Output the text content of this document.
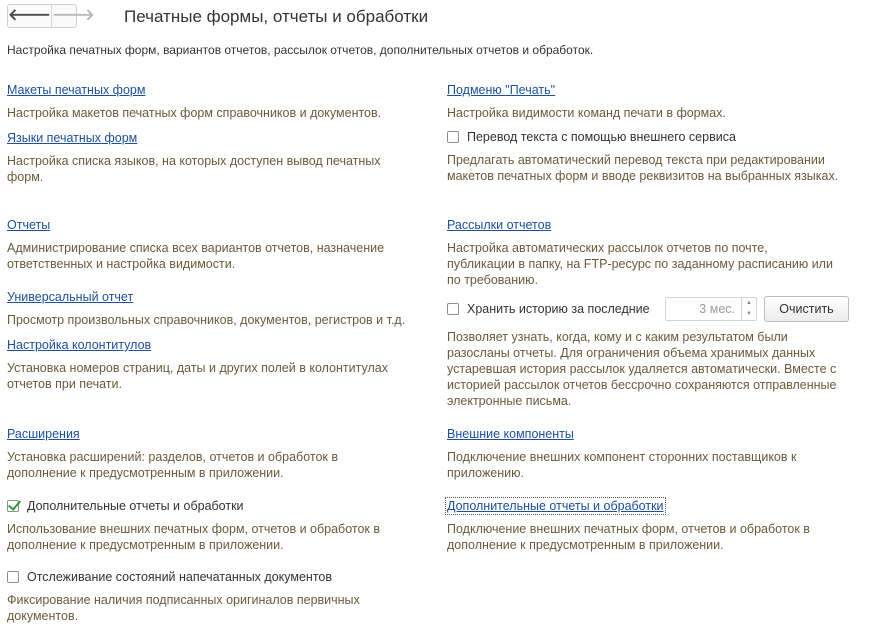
🡐 🡒 Печатные формы, отчеты и обработки
Настройка печатных форм, вариантов отчетов, рассылок отчетов, дополнительных отчетов и обработок.
Макеты печатных форм
Настройка макетов печатных форм справочников и документов.
Языки печатных форм
Настройка списка языков, на которых доступен вывод печатных форм.
Отчеты
Администрирование списка всех вариантов отчетов, назначение ответственных и настройка видимости.
Универсальный отчет
Просмотр произвольных справочников, документов, регистров и т.д.
Настройка колонтитулов
Установка номеров страниц, даты и других полей в колонтитулах отчетов при печати.
Расширения
Установка расширений: разделов, отчетов и обработок в дополнение к предусмотренным в приложении.
Дополнительные отчеты и обработки
Использование внешних печатных форм, отчетов и обработок в дополнение к предусмотренным в приложении.
Отслеживание состояний напечатанных документов
Фиксирование наличия подписанных оригиналов первичных документов.
Подменю "Печать"
Настройка видимости команд печати в формах.
Перевод текста с помощью внешнего сервиса
Предлагать автоматический перевод текста при редактировании макетов печатных форм и вводе реквизитов на выбранных языках.
Рассылки отчетов
Настройка автоматических рассылок отчетов по почте, публикации в папку, на FTP-ресурс по заданному расписанию или по требованию.
Хранить историю за последние	3 мес.	▲
▼	Очистить
Позволяет узнать, когда, кому и с каким результатом были разосланы отчеты. Для ограничения объема хранимых данных устаревшая история рассылок удаляется автоматически. Вместе с историей рассылок отчетов бессрочно сохраняются отправленные электронные письма.
Внешние компоненты
Подключение внешних компонент сторонних поставщиков к приложению.
Дополнительные отчеты и обработки
Подключение внешних печатных форм, отчетов и обработок в дополнение к предусмотренным в приложении.
